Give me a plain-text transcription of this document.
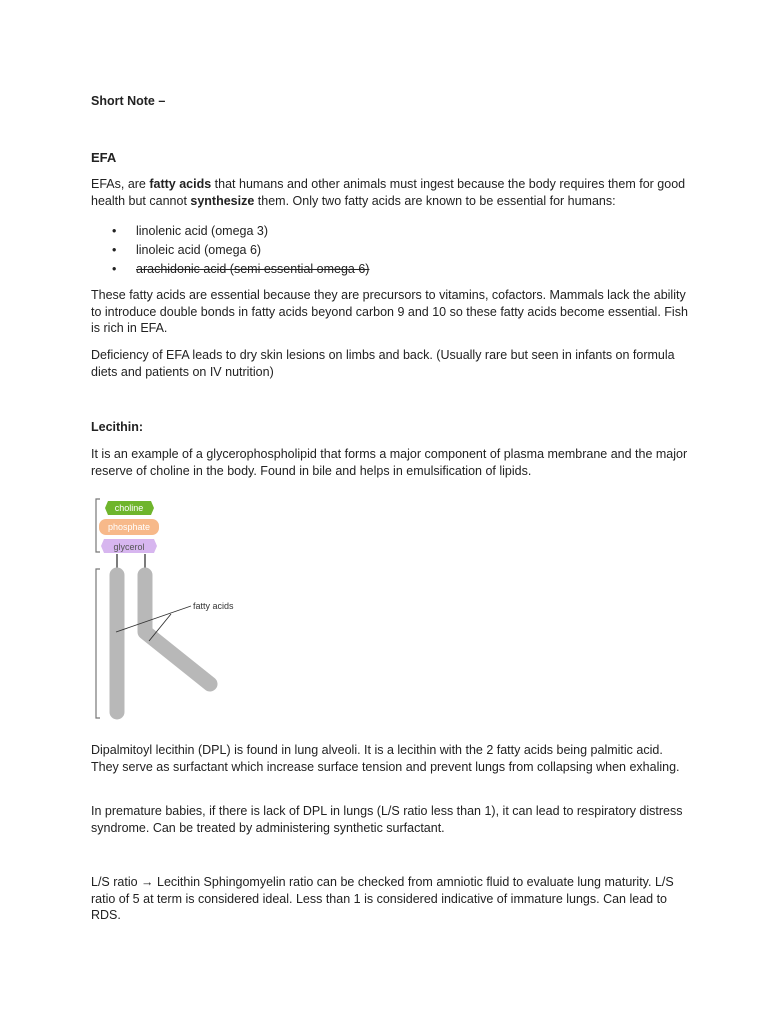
Short Note –
EFA

EFAs, are fatty acids that humans and other animals must ingest because the body requires them for good health but cannot synthesize them. Only two fatty acids are known to be essential for humans:

• linolenic acid (omega 3)
• linoleic acid (omega 6)
• arachidonic acid (semi essential omega 6)

These fatty acids are essential because they are precursors to vitamins, cofactors. Mammals lack the ability to introduce double bonds in fatty acids beyond carbon 9 and 10 so these fatty acids become essential. Fish is rich in EFA.

Deficiency of EFA leads to dry skin lesions on limbs and back. (Usually rare but seen in infants on formula diets and patients on IV nutrition)

Lecithin:

It is an example of a glycerophospholipid that forms a major component of plasma membrane and the major reserve of choline in the body. Found in bile and helps in emulsification of lipids.

choline
phosphate
glycerol
fatty acids

Dipalmitoyl lecithin (DPL) is found in lung alveoli. It is a lecithin with the 2 fatty acids being palmitic acid. They serve as surfactant which increase surface tension and prevent lungs from collapsing when exhaling.

In premature babies, if there is lack of DPL in lungs (L/S ratio less than 1), it can lead to respiratory distress syndrome. Can be treated by administering synthetic surfactant.

L/S ratio → Lecithin Sphingomyelin ratio can be checked from amniotic fluid to evaluate lung maturity. L/S ratio of 5 at term is considered ideal. Less than 1 is considered indicative of immature lungs. Can lead to RDS.
